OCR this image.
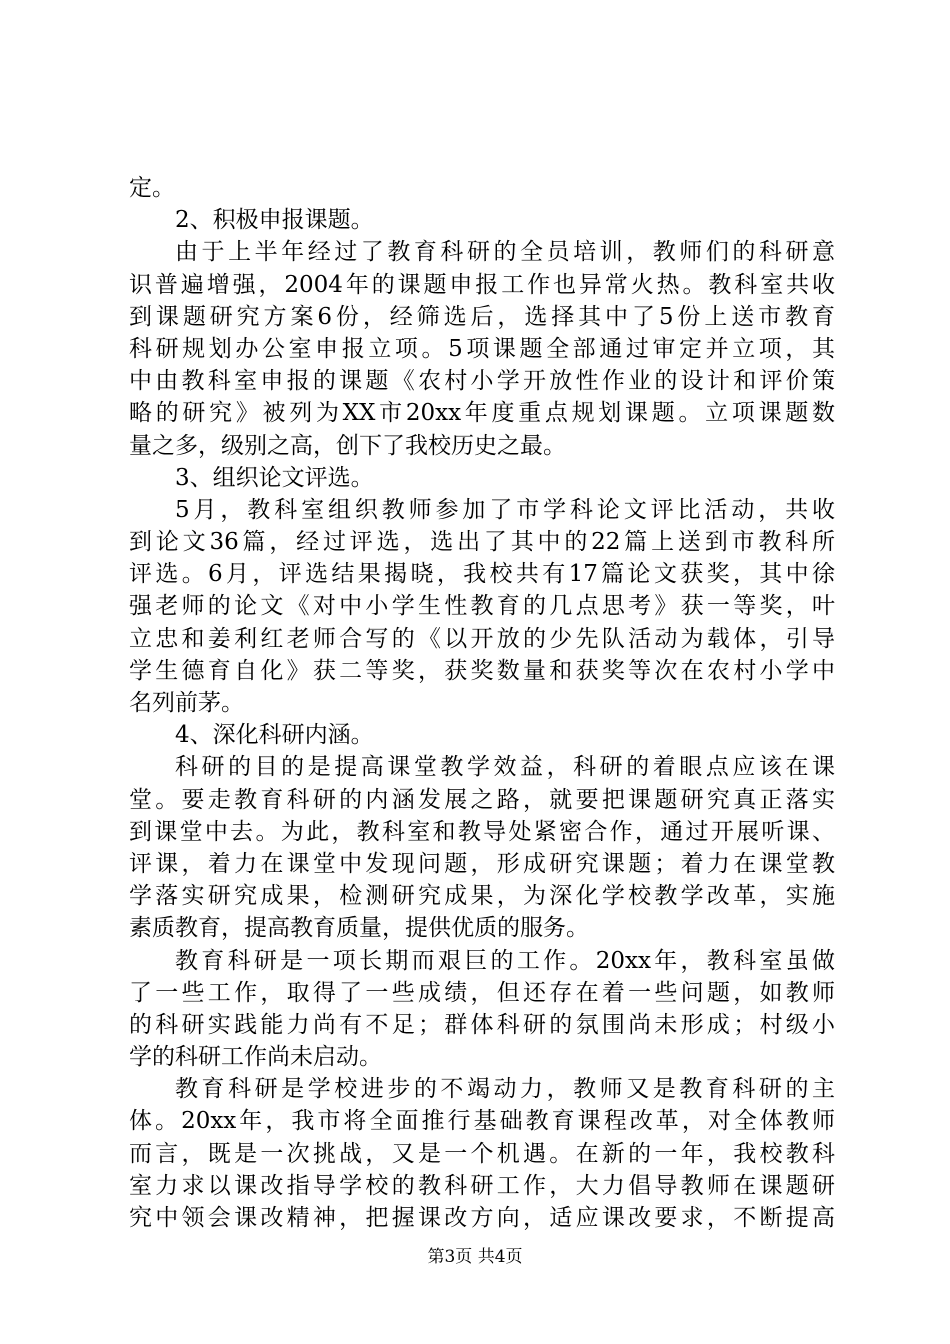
定。
2、积极申报课题。
由于上半年经过了教育科研的全员培训，教师们的科研意
识普遍增强，2004年的课题申报工作也异常火热。教科室共收
到课题研究方案6份，经筛选后，选择其中了5份上送市教育
科研规划办公室申报立项。5项课题全部通过审定并立项，其
中由教科室申报的课题《农村小学开放性作业的设计和评价策
略的研究》被列为XX市20xx年度重点规划课题。立项课题数
量之多，级别之高，创下了我校历史之最。
3、组织论文评选。
5月，教科室组织教师参加了市学科论文评比活动，共收
到论文36篇，经过评选，选出了其中的22篇上送到市教科所
评选。6月，评选结果揭晓，我校共有17篇论文获奖，其中徐
强老师的论文《对中小学生性教育的几点思考》获一等奖，叶
立忠和姜利红老师合写的《以开放的少先队活动为载体，引导
学生德育自化》获二等奖，获奖数量和获奖等次在农村小学中
名列前茅。
4、深化科研内涵。
科研的目的是提高课堂教学效益，科研的着眼点应该在课
堂。要走教育科研的内涵发展之路，就要把课题研究真正落实
到课堂中去。为此，教科室和教导处紧密合作，通过开展听课、
评课，着力在课堂中发现问题，形成研究课题；着力在课堂教
学落实研究成果，检测研究成果，为深化学校教学改革，实施
素质教育，提高教育质量，提供优质的服务。
教育科研是一项长期而艰巨的工作。20xx年，教科室虽做
了一些工作，取得了一些成绩，但还存在着一些问题，如教师
的科研实践能力尚有不足；群体科研的氛围尚未形成；村级小
学的科研工作尚未启动。
教育科研是学校进步的不竭动力，教师又是教育科研的主
体。20xx年，我市将全面推行基础教育课程改革，对全体教师
而言，既是一次挑战，又是一个机遇。在新的一年，我校教科
室力求以课改指导学校的教科研工作，大力倡导教师在课题研
究中领会课改精神，把握课改方向，适应课改要求，不断提高
第3页 共4页
